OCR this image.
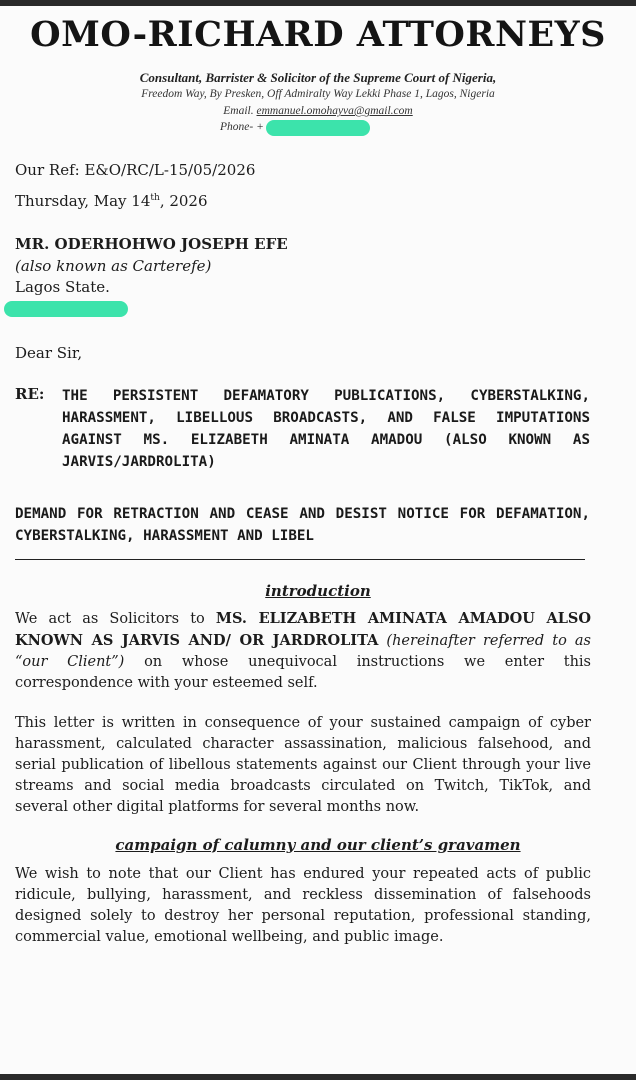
OMO-RICHARD ATTORNEYS
Consultant, Barrister & Solicitor of the Supreme Court of Nigeria,
Freedom Way, By Presken, Off Admiralty Way Lekki Phase 1, Lagos, Nigeria
Email. emmanuel.omohayva@gmail.com
Phone- +
Our Ref: E&O/RC/L-15/05/2026
Thursday, May 14th, 2026
MR. ODERHOHWO JOSEPH EFE
(also known as Carterefe)
Lagos State.
Dear Sir,
RE: THE PERSISTENT DEFAMATORY PUBLICATIONS, CYBERSTALKING, HARASSMENT, LIBELLOUS BROADCASTS, AND FALSE IMPUTATIONS AGAINST MS. ELIZABETH AMINATA AMADOU (ALSO KNOWN AS JARVIS/JARDROLITA)
DEMAND FOR RETRACTION AND CEASE AND DESIST NOTICE FOR DEFAMATION, CYBERSTALKING, HARASSMENT AND LIBEL
introduction
We act as Solicitors to MS. ELIZABETH AMINATA AMADOU ALSO KNOWN AS JARVIS AND/ OR JARDROLITA (hereinafter referred to as “our Client”) on whose unequivocal instructions we enter this correspondence with your esteemed self.
This letter is written in consequence of your sustained campaign of cyber harassment, calculated character assassination, malicious falsehood, and serial publication of libellous statements against our Client through your live streams and social media broadcasts circulated on Twitch, TikTok, and several other digital platforms for several months now.
campaign of calumny and our client’s gravamen
We wish to note that our Client has endured your repeated acts of public ridicule, bullying, harassment, and reckless dissemination of falsehoods designed solely to destroy her personal reputation, professional standing, commercial value, emotional wellbeing, and public image.
